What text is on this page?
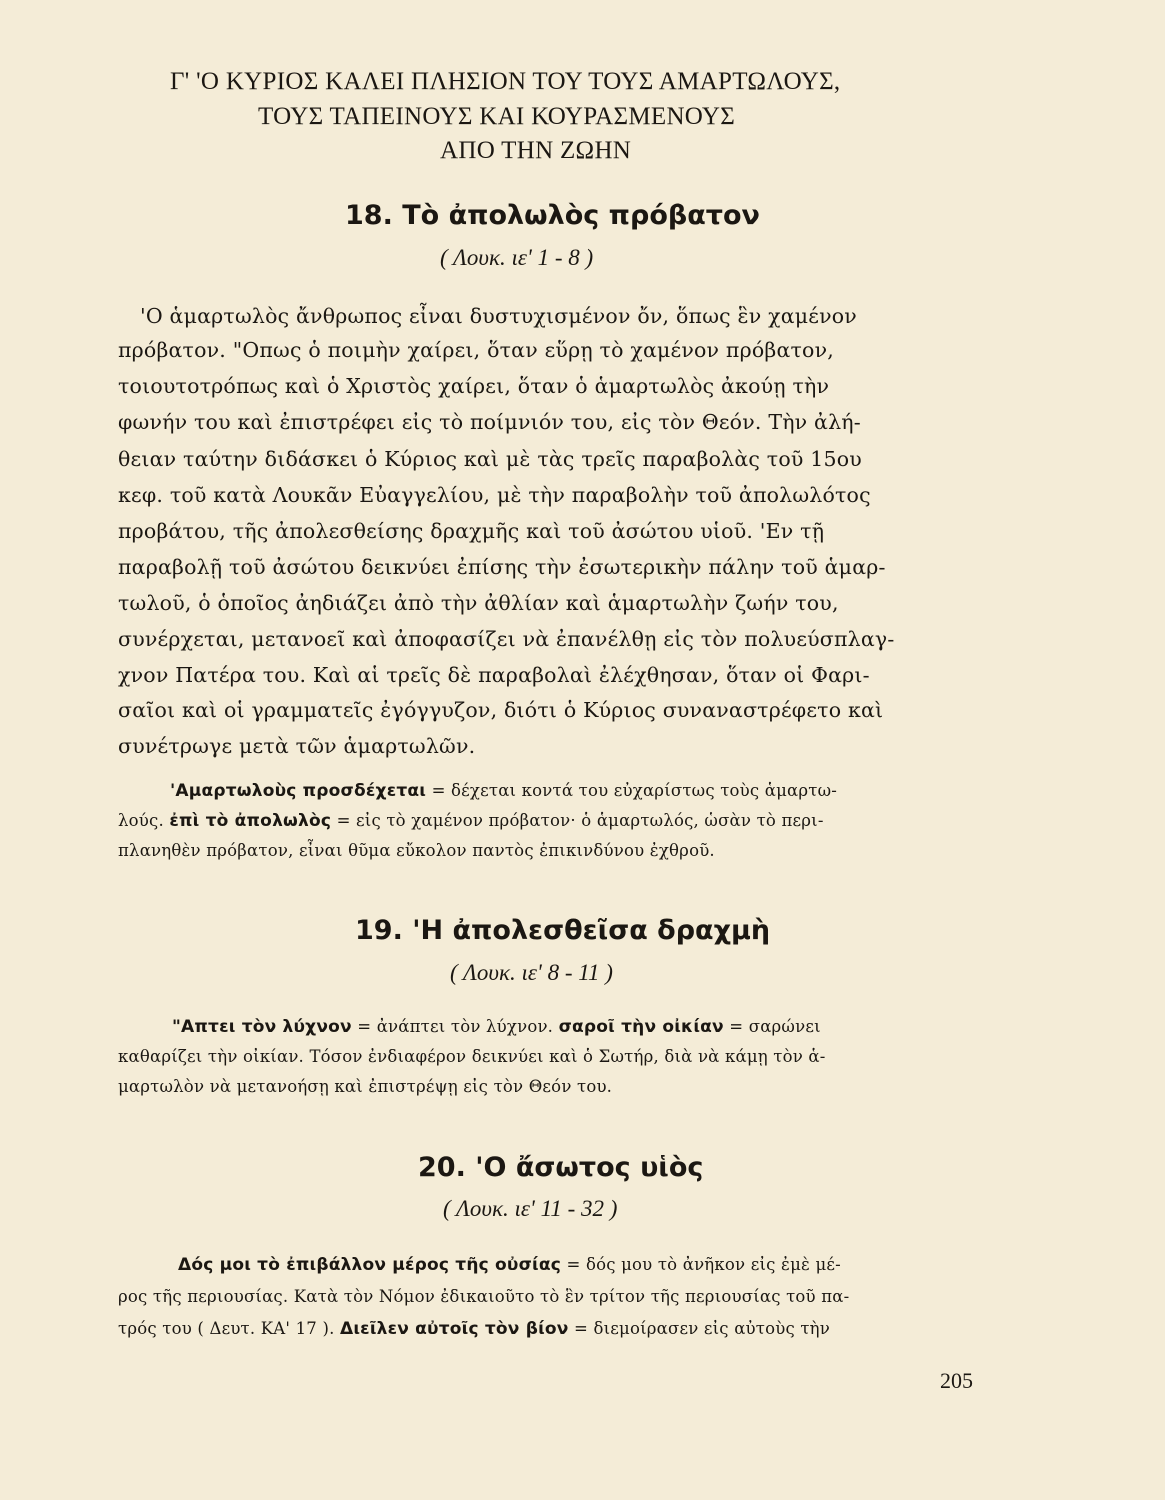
Γ' 'Ο ΚΥΡΙΟΣ ΚΑΛΕΙ ΠΛΗΣΙΟΝ ΤΟΥ ΤΟΥΣ ΑΜΑΡΤΩΛΟΥΣ,
ΤΟΥΣ ΤΑΠΕΙΝΟΥΣ ΚΑΙ ΚΟΥΡΑΣΜΕΝΟΥΣ
ΑΠΟ ΤΗΝ ΖΩΗΝ
18. Τὸ ἀπολωλὸς πρόβατον
( Λουκ. ιε' 1 - 8 )
'Ο ἁμαρτωλὸς ἄνθρωπος εἶναι δυστυχισμένον ὄν, ὅπως ἓν χαμένον
πρόβατον. "Οπως ὁ ποιμὴν χαίρει, ὅταν εὕρῃ τὸ χαμένον πρόβατον,
τοιουτοτρόπως καὶ ὁ Χριστὸς χαίρει, ὅταν ὁ ἁμαρτωλὸς ἀκούῃ τὴν
φωνήν του καὶ ἐπιστρέφει εἰς τὸ ποίμνιόν του, εἰς τὸν Θεόν. Τὴν ἀλή-
θειαν ταύτην διδάσκει ὁ Κύριος καὶ μὲ τὰς τρεῖς παραβολὰς τοῦ 15ου
κεφ. τοῦ κατὰ Λουκᾶν Εὐαγγελίου, μὲ τὴν παραβολὴν τοῦ ἀπολωλότος
προβάτου, τῆς ἀπολεσθείσης δραχμῆς καὶ τοῦ ἀσώτου υἱοῦ. 'Εν τῇ
παραβολῇ τοῦ ἀσώτου δεικνύει ἐπίσης τὴν ἐσωτερικὴν πάλην τοῦ ἁμαρ-
τωλοῦ, ὁ ὁποῖος ἀηδιάζει ἀπὸ τὴν ἀθλίαν καὶ ἁμαρτωλὴν ζωήν του,
συνέρχεται, μετανοεῖ καὶ ἀποφασίζει νὰ ἐπανέλθῃ εἰς τὸν πολυεύσπλαγ-
χνον Πατέρα του. Καὶ αἱ τρεῖς δὲ παραβολαὶ ἐλέχθησαν, ὅταν οἱ Φαρι-
σαῖοι καὶ οἱ γραμματεῖς ἐγόγγυζον, διότι ὁ Κύριος συναναστρέφετο καὶ
συνέτρωγε μετὰ τῶν ἁμαρτωλῶν.
'Αμαρτωλοὺς προσδέχεται = δέχεται κοντά του εὐχαρίστως τοὺς ἁμαρτω-
λούς. ἐπὶ τὸ ἀπολωλὸς = εἰς τὸ χαμένον πρόβατον· ὁ ἁμαρτωλός, ὡσὰν τὸ περι-
πλανηθὲν πρόβατον, εἶναι θῦμα εὔκολον παντὸς ἐπικινδύνου ἐχθροῦ.
19. 'Η ἀπολεσθεῖσα δραχμὴ
( Λουκ. ιε' 8 - 11 )
"Απτει τὸν λύχνον = ἀνάπτει τὸν λύχνον. σαροῖ τὴν οἰκίαν = σαρώνει
καθαρίζει τὴν οἰκίαν. Τόσον ἐνδιαφέρον δεικνύει καὶ ὁ Σωτήρ, διὰ νὰ κάμῃ τὸν ἁ-
μαρτωλὸν νὰ μετανοήσῃ καὶ ἐπιστρέψῃ εἰς τὸν Θεόν του.
20. 'Ο ἄσωτος υἱὸς
( Λουκ. ιε' 11 - 32 )
Δός μοι τὸ ἐπιβάλλον μέρος τῆς οὐσίας = δός μου τὸ ἀνῆκον εἰς ἐμὲ μέ-
ρος τῆς περιουσίας. Κατὰ τὸν Νόμον ἐδικαιοῦτο τὸ ἓν τρίτον τῆς περιουσίας τοῦ πα-
τρός του ( Δευτ. ΚΑ' 17 ). Διεῖλεν αὐτοῖς τὸν βίον = διεμοίρασεν εἰς αὐτοὺς τὴν
205
